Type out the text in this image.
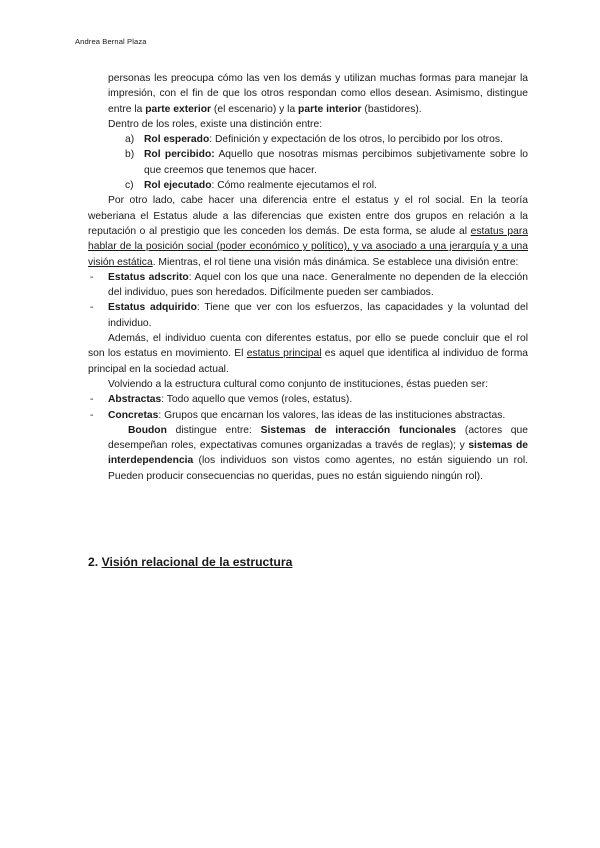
Andrea Bernal Plaza

personas les preocupa cómo las ven los demás y utilizan muchas formas para manejar la impresión, con el fin de que los otros respondan como ellos desean. Asimismo, distingue entre la parte exterior (el escenario) y la parte interior (bastidores).

Dentro de los roles, existe una distinción entre:

a) Rol esperado: Definición y expectación de los otros, lo percibido por los otros.
b) Rol percibido: Aquello que nosotras mismas percibimos subjetivamente sobre lo que creemos que tenemos que hacer.
c) Rol ejecutado: Cómo realmente ejecutamos el rol.

Por otro lado, cabe hacer una diferencia entre el estatus y el rol social. En la teoría weberiana el Estatus alude a las diferencias que existen entre dos grupos en relación a la reputación o al prestigio que les conceden los demás. De esta forma, se alude al estatus para hablar de la posición social (poder económico y político), y va asociado a una jerarquía y a una visión estática. Mientras, el rol tiene una visión más dinámica. Se establece una división entre:

- Estatus adscrito: Aquel con los que una nace. Generalmente no dependen de la elección del individuo, pues son heredados. Difícilmente pueden ser cambiados.
- Estatus adquirido: Tiene que ver con los esfuerzos, las capacidades y la voluntad del individuo.

Además, el individuo cuenta con diferentes estatus, por ello se puede concluir que el rol son los estatus en movimiento. El estatus principal es aquel que identifica al individuo de forma principal en la sociedad actual.

Volviendo a la estructura cultural como conjunto de instituciones, éstas pueden ser:

- Abstractas: Todo aquello que vemos (roles, estatus).
- Concretas: Grupos que encarnan los valores, las ideas de las instituciones abstractas.

Boudon distingue entre: Sistemas de interacción funcionales (actores que desempeñan roles, expectativas comunes organizadas a través de reglas); y sistemas de interdependencia (los individuos son vistos como agentes, no están siguiendo un rol. Pueden producir consecuencias no queridas, pues no están siguiendo ningún rol).

2. Visión relacional de la estructura
